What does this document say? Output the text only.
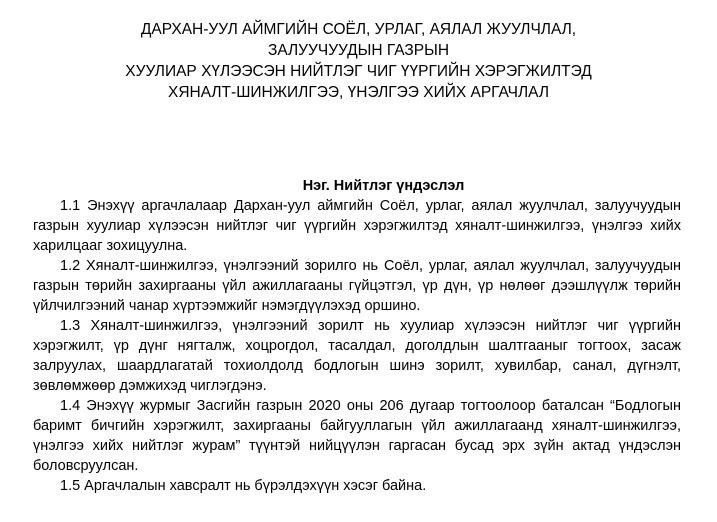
ДАРХАН-УУЛ АЙМГИЙН СОЁЛ, УРЛАГ, АЯЛАЛ ЖУУЛЧЛАЛ,
ЗАЛУУЧУУДЫН ГАЗРЫН
ХУУЛИАР ХҮЛЭЭСЭН НИЙТЛЭГ ЧИГ ҮҮРГИЙН ХЭРЭГЖИЛТЭД
ХЯНАЛТ-ШИНЖИЛГЭЭ, ҮНЭЛГЭЭ ХИЙХ АРГАЧЛАЛ
Нэг. Нийтлэг үндэслэл

1.1 Энэхүү аргачлалаар Дархан-уул аймгийн Соёл, урлаг, аялал жуулчлал, залуучуудын газрын хуулиар хүлээсэн нийтлэг чиг үүргийн хэрэгжилтэд хяналт-шинжилгээ, үнэлгээ хийх харилцааг зохицуулна.

1.2 Хяналт-шинжилгээ, үнэлгээний зорилго нь Соёл, урлаг, аялал жуулчлал, залуучуудын газрын төрийн захиргааны үйл ажиллагааны гүйцэтгэл, үр дүн, үр нөлөөг дээшлүүлж төрийн үйлчилгээний чанар хүртээмжийг нэмэгдүүлэхэд оршино.

1.3 Хяналт-шинжилгээ, үнэлгээний зорилт нь хуулиар хүлээсэн нийтлэг чиг үүргийн хэрэгжилт, үр дүнг нягталж, хоцрогдол, тасалдал, доголдлын шалтгааныг тогтоох, засаж залруулах, шаардлагатай тохиолдолд бодлогын шинэ зорилт, хувилбар, санал, дүгнэлт, зөвлөмжөөр дэмжихэд чиглэгдэнэ.

1.4 Энэхүү журмыг Засгийн газрын 2020 оны 206 дугаар тогтоолоор баталсан “Бодлогын баримт бичгийн хэрэгжилт, захиргааны байгууллагын үйл ажиллагаанд хяналт-шинжилгээ, үнэлгээ хийх нийтлэг журам” түүнтэй нийцүүлэн гаргасан бусад эрх зүйн актад үндэслэн боловсруулсан.

1.5 Аргачлалын хавсралт нь бүрэлдэхүүн хэсэг байна.
